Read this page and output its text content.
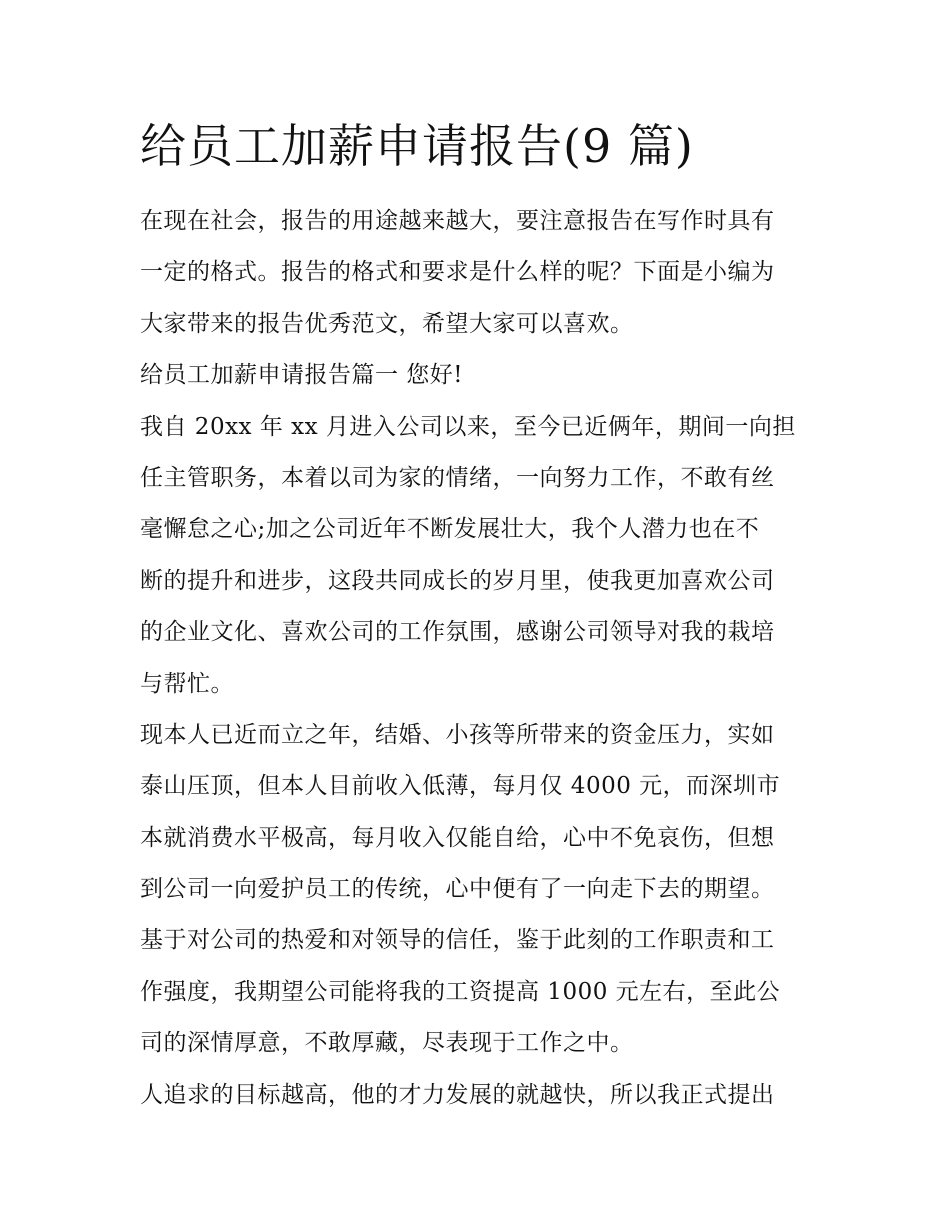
给员工加薪申请报告(9 篇)
在现在社会，报告的用途越来越大，要注意报告在写作时具有
一定的格式。报告的格式和要求是什么样的呢？下面是小编为
大家带来的报告优秀范文，希望大家可以喜欢。
给员工加薪申请报告篇一 您好!
我自 20xx 年 xx 月进入公司以来，至今已近俩年，期间一向担
任主管职务，本着以司为家的情绪，一向努力工作，不敢有丝
毫懈怠之心;加之公司近年不断发展壮大，我个人潜力也在不
断的提升和进步，这段共同成长的岁月里，使我更加喜欢公司
的企业文化、喜欢公司的工作氛围，感谢公司领导对我的栽培
与帮忙。
现本人已近而立之年，结婚、小孩等所带来的资金压力，实如
泰山压顶，但本人目前收入低薄，每月仅 4000 元，而深圳市
本就消费水平极高，每月收入仅能自给，心中不免哀伤，但想
到公司一向爱护员工的传统，心中便有了一向走下去的期望。
基于对公司的热爱和对领导的信任，鉴于此刻的工作职责和工
作强度，我期望公司能将我的工资提高 1000 元左右，至此公
司的深情厚意，不敢厚藏，尽表现于工作之中。
人追求的目标越高，他的才力发展的就越快，所以我正式提出
